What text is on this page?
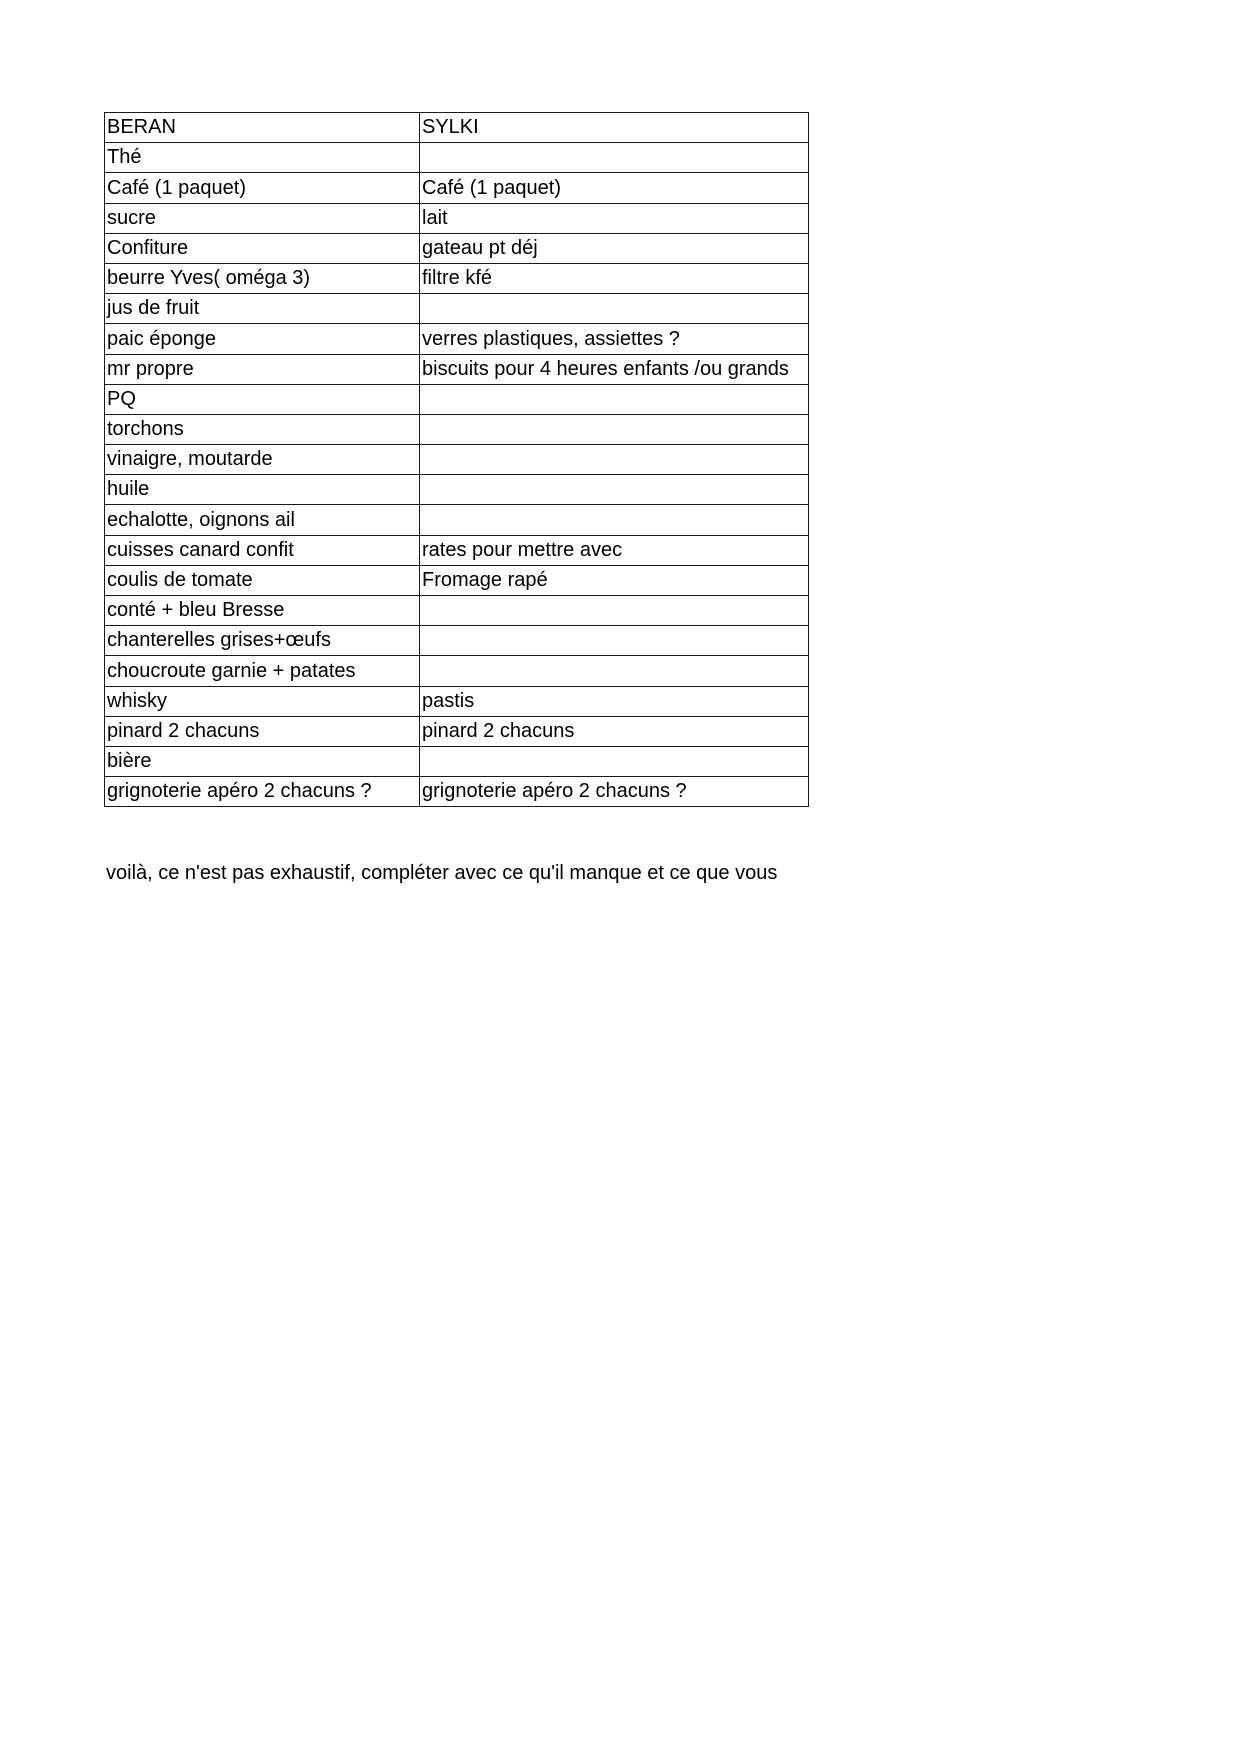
BERAN	SYLKI
Thé	
Café (1 paquet)	Café (1 paquet)
sucre	lait
Confiture	gateau pt déj
beurre Yves( oméga 3)	filtre kfé
jus de fruit	
paic éponge	verres plastiques, assiettes ?
mr propre	biscuits pour 4 heures enfants /ou grands
PQ	
torchons	
vinaigre, moutarde	
huile	
echalotte, oignons ail	
cuisses canard confit	rates pour mettre avec
coulis de tomate	Fromage rapé
conté + bleu Bresse	
chanterelles grises+œufs	
choucroute garnie + patates	
whisky	pastis
pinard 2 chacuns	pinard 2 chacuns
bière	
grignoterie apéro 2 chacuns ?	grignoterie apéro 2 chacuns ?
voilà, ce n'est pas exhaustif, compléter avec ce qu'il manque et ce que vous
